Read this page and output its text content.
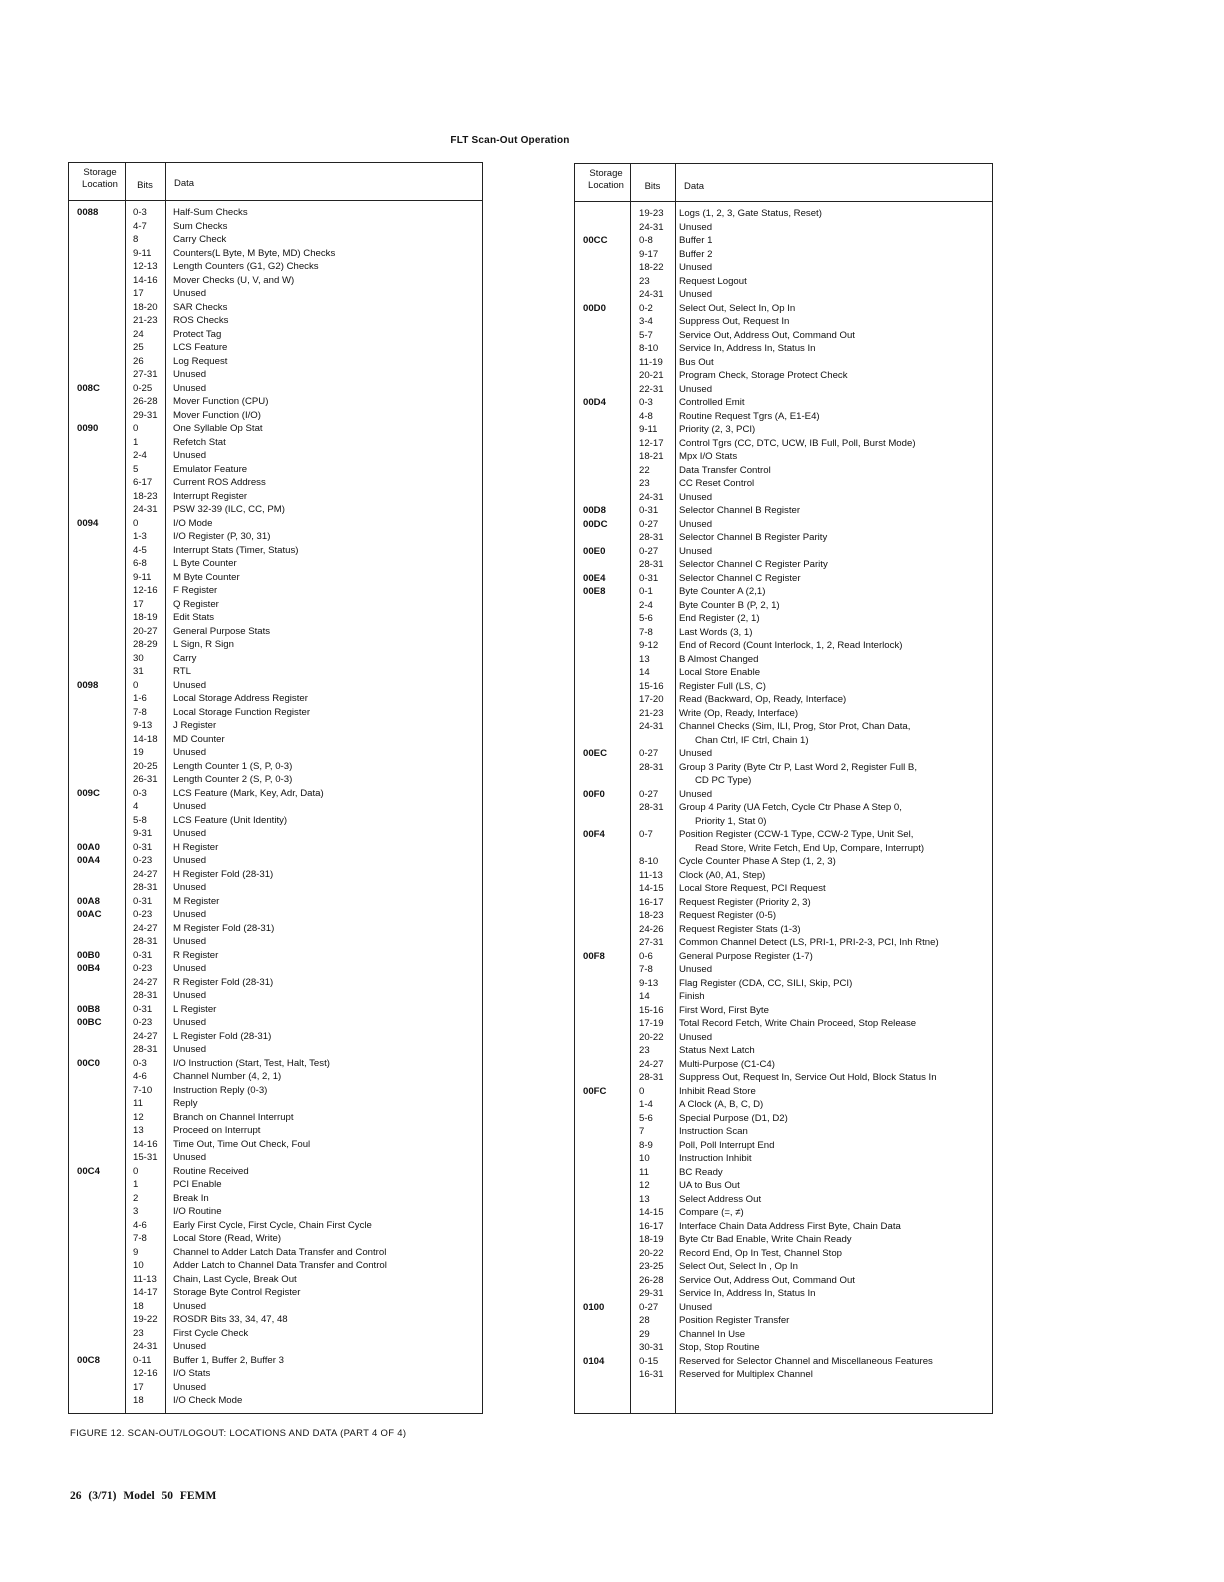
FLT Scan-Out Operation
Storage
Location	Bits	Data
0088	0-3	Half-Sum Checks
4-7	Sum Checks
8	Carry Check
9-11	Counters(L Byte, M Byte, MD) Checks
12-13	Length Counters (G1, G2) Checks
14-16	Mover Checks (U, V, and W)
17	Unused
18-20	SAR Checks
21-23	ROS Checks
24	Protect Tag
25	LCS Feature
26	Log Request
27-31	Unused
008C	0-25	Unused
26-28	Mover Function (CPU)
29-31	Mover Function (I/O)
0090	0	One Syllable Op Stat
1	Refetch Stat
2-4	Unused
5	Emulator Feature
6-17	Current ROS Address
18-23	Interrupt Register
24-31	PSW 32-39 (ILC, CC, PM)
0094	0	I/O Mode
1-3	I/O Register (P, 30, 31)
4-5	Interrupt Stats (Timer, Status)
6-8	L Byte Counter
9-11	M Byte Counter
12-16	F Register
17	Q Register
18-19	Edit Stats
20-27	General Purpose Stats
28-29	L Sign, R Sign
30	Carry
31	RTL
0098	0	Unused
1-6	Local Storage Address Register
7-8	Local Storage Function Register
9-13	J Register
14-18	MD Counter
19	Unused
20-25	Length Counter 1 (S, P, 0-3)
26-31	Length Counter 2 (S, P, 0-3)
009C	0-3	LCS Feature (Mark, Key, Adr, Data)
4	Unused
5-8	LCS Feature (Unit Identity)
9-31	Unused
00A0	0-31	H Register
00A4	0-23	Unused
24-27	H Register Fold (28-31)
28-31	Unused
00A8	0-31	M Register
00AC	0-23	Unused
24-27	M Register Fold (28-31)
28-31	Unused
00B0	0-31	R Register
00B4	0-23	Unused
24-27	R Register Fold (28-31)
28-31	Unused
00B8	0-31	L Register
00BC	0-23	Unused
24-27	L Register Fold (28-31)
28-31	Unused
00C0	0-3	I/O Instruction (Start, Test, Halt, Test)
4-6	Channel Number (4, 2, 1)
7-10	Instruction Reply (0-3)
11	Reply
12	Branch on Channel Interrupt
13	Proceed on Interrupt
14-16	Time Out, Time Out Check, Foul
15-31	Unused
00C4	0	Routine Received
1	PCI Enable
2	Break In
3	I/O Routine
4-6	Early First Cycle, First Cycle, Chain First Cycle
7-8	Local Store (Read, Write)
9	Channel to Adder Latch Data Transfer and Control
10	Adder Latch to Channel Data Transfer and Control
11-13	Chain, Last Cycle, Break Out
14-17	Storage Byte Control Register
18	Unused
19-22	ROSDR Bits 33, 34, 47, 48
23	First Cycle Check
24-31	Unused
00C8	0-11	Buffer 1, Buffer 2, Buffer 3
12-16	I/O Stats
17	Unused
18	I/O Check Mode
Storage
Location	Bits	Data
19-23	Logs (1, 2, 3, Gate Status, Reset)
24-31	Unused
00CC	0-8	Buffer 1
9-17	Buffer 2
18-22	Unused
23	Request Logout
24-31	Unused
00D0	0-2	Select Out, Select In, Op In
3-4	Suppress Out, Request In
5-7	Service Out, Address Out, Command Out
8-10	Service In, Address In, Status In
11-19	Bus Out
20-21	Program Check, Storage Protect Check
22-31	Unused
00D4	0-3	Controlled Emit
4-8	Routine Request Tgrs (A, E1-E4)
9-11	Priority (2, 3, PCI)
12-17	Control Tgrs (CC, DTC, UCW, IB Full, Poll, Burst Mode)
18-21	Mpx I/O Stats
22	Data Transfer Control
23	CC Reset Control
24-31	Unused
00D8	0-31	Selector Channel B Register
00DC	0-27	Unused
28-31	Selector Channel B Register Parity
00E0	0-27	Unused
28-31	Selector Channel C Register Parity
00E4	0-31	Selector Channel C Register
00E8	0-1	Byte Counter A (2,1)
2-4	Byte Counter B (P, 2, 1)
5-6	End Register (2, 1)
7-8	Last Words (3, 1)
9-12	End of Record (Count Interlock, 1, 2, Read Interlock)
13	B Almost Changed
14	Local Store Enable
15-16	Register Full (LS, C)
17-20	Read (Backward, Op, Ready, Interface)
21-23	Write (Op, Ready, Interface)
24-31	Channel Checks (Sim, ILI, Prog, Stor Prot, Chan Data,
Chan Ctrl, IF Ctrl, Chain 1)
00EC	0-27	Unused
28-31	Group 3 Parity (Byte Ctr P, Last Word 2, Register Full B,
CD PC Type)
00F0	0-27	Unused
28-31	Group 4 Parity (UA Fetch, Cycle Ctr Phase A Step 0,
Priority 1, Stat 0)
00F4	0-7	Position Register (CCW-1 Type, CCW-2 Type, Unit Sel,
Read Store, Write Fetch, End Up, Compare, Interrupt)
8-10	Cycle Counter Phase A Step (1, 2, 3)
11-13	Clock (A0, A1, Step)
14-15	Local Store Request, PCI Request
16-17	Request Register (Priority 2, 3)
18-23	Request Register (0-5)
24-26	Request Register Stats (1-3)
27-31	Common Channel Detect (LS, PRI-1, PRI-2-3, PCI, Inh Rtne)
00F8	0-6	General Purpose Register (1-7)
7-8	Unused
9-13	Flag Register (CDA, CC, SILI, Skip, PCI)
14	Finish
15-16	First Word, First Byte
17-19	Total Record Fetch, Write Chain Proceed, Stop Release
20-22	Unused
23	Status Next Latch
24-27	Multi-Purpose (C1-C4)
28-31	Suppress Out, Request In, Service Out Hold, Block Status In
00FC	0	Inhibit Read Store
1-4	A Clock (A, B, C, D)
5-6	Special Purpose (D1, D2)
7	Instruction Scan
8-9	Poll, Poll Interrupt End
10	Instruction Inhibit
11	BC Ready
12	UA to Bus Out
13	Select Address Out
14-15	Compare (=, ≠)
16-17	Interface Chain Data Address First Byte, Chain Data
18-19	Byte Ctr Bad Enable, Write Chain Ready
20-22	Record End, Op In Test, Channel Stop
23-25	Select Out, Select In , Op In
26-28	Service Out, Address Out, Command Out
29-31	Service In, Address In, Status In
0100	0-27	Unused
28	Position Register Transfer
29	Channel In Use
30-31	Stop, Stop Routine
0104	0-15	Reserved for Selector Channel and Miscellaneous Features
16-31	Reserved for Multiplex Channel
FIGURE 12. SCAN-OUT/LOGOUT: LOCATIONS AND DATA (PART 4 OF 4)
26 (3/71) Model 50 FEMM
